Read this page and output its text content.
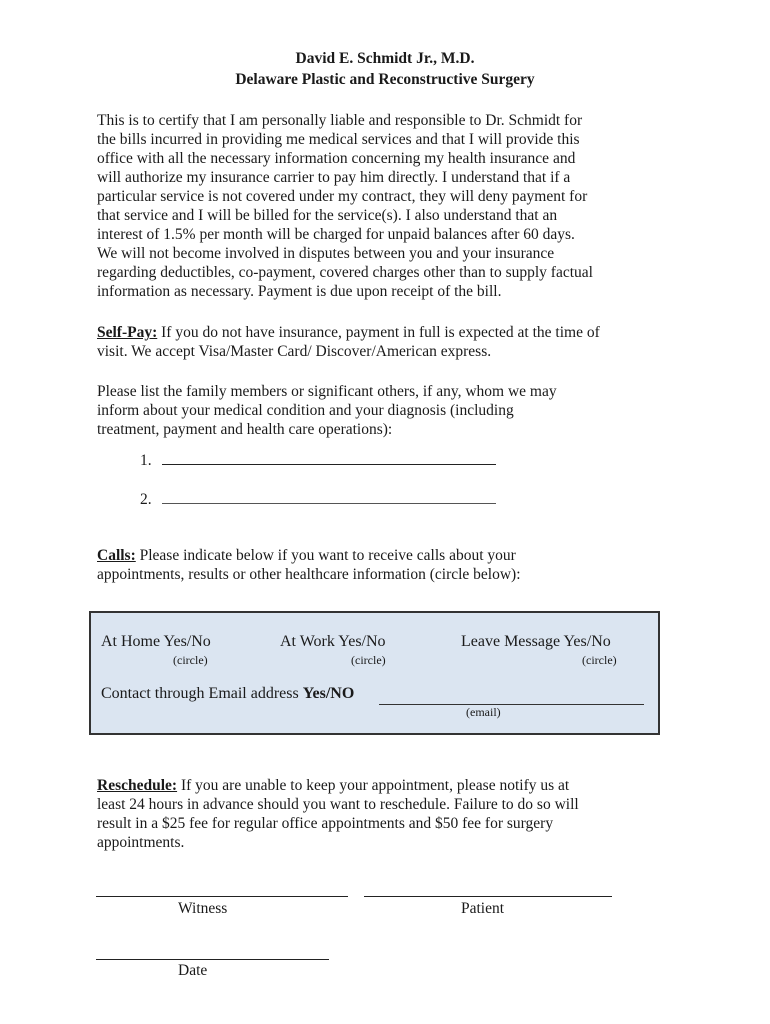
David E. Schmidt Jr., M.D.
Delaware Plastic and Reconstructive Surgery
This is to certify that I am personally liable and responsible to Dr. Schmidt for
the bills incurred in providing me medical services and that I will provide this
office with all the necessary information concerning my health insurance and
will authorize my insurance carrier to pay him directly. I understand that if a
particular service is not covered under my contract, they will deny payment for
that service and I will be billed for the service(s). I also understand that an
interest of 1.5% per month will be charged for unpaid balances after 60 days.
We will not become involved in disputes between you and your insurance
regarding deductibles, co-payment, covered charges other than to supply factual
information as necessary. Payment is due upon receipt of the bill.
Self-Pay: If you do not have insurance, payment in full is expected at the time of
visit. We accept Visa/Master Card/ Discover/American express.
Please list the family members or significant others, if any, whom we may
inform about your medical condition and your diagnosis (including
treatment, payment and health care operations):
1.
2.
Calls: Please indicate below if you want to receive calls about your
appointments, results or other healthcare information (circle below):
At Home Yes/No
(circle)
At Work Yes/No
(circle)
Leave Message Yes/No
(circle)
Contact through Email address Yes/NO
(email)
Reschedule: If you are unable to keep your appointment, please notify us at
least 24 hours in advance should you want to reschedule. Failure to do so will
result in a $25 fee for regular office appointments and $50 fee for surgery
appointments.
Witness	Patient
Date
